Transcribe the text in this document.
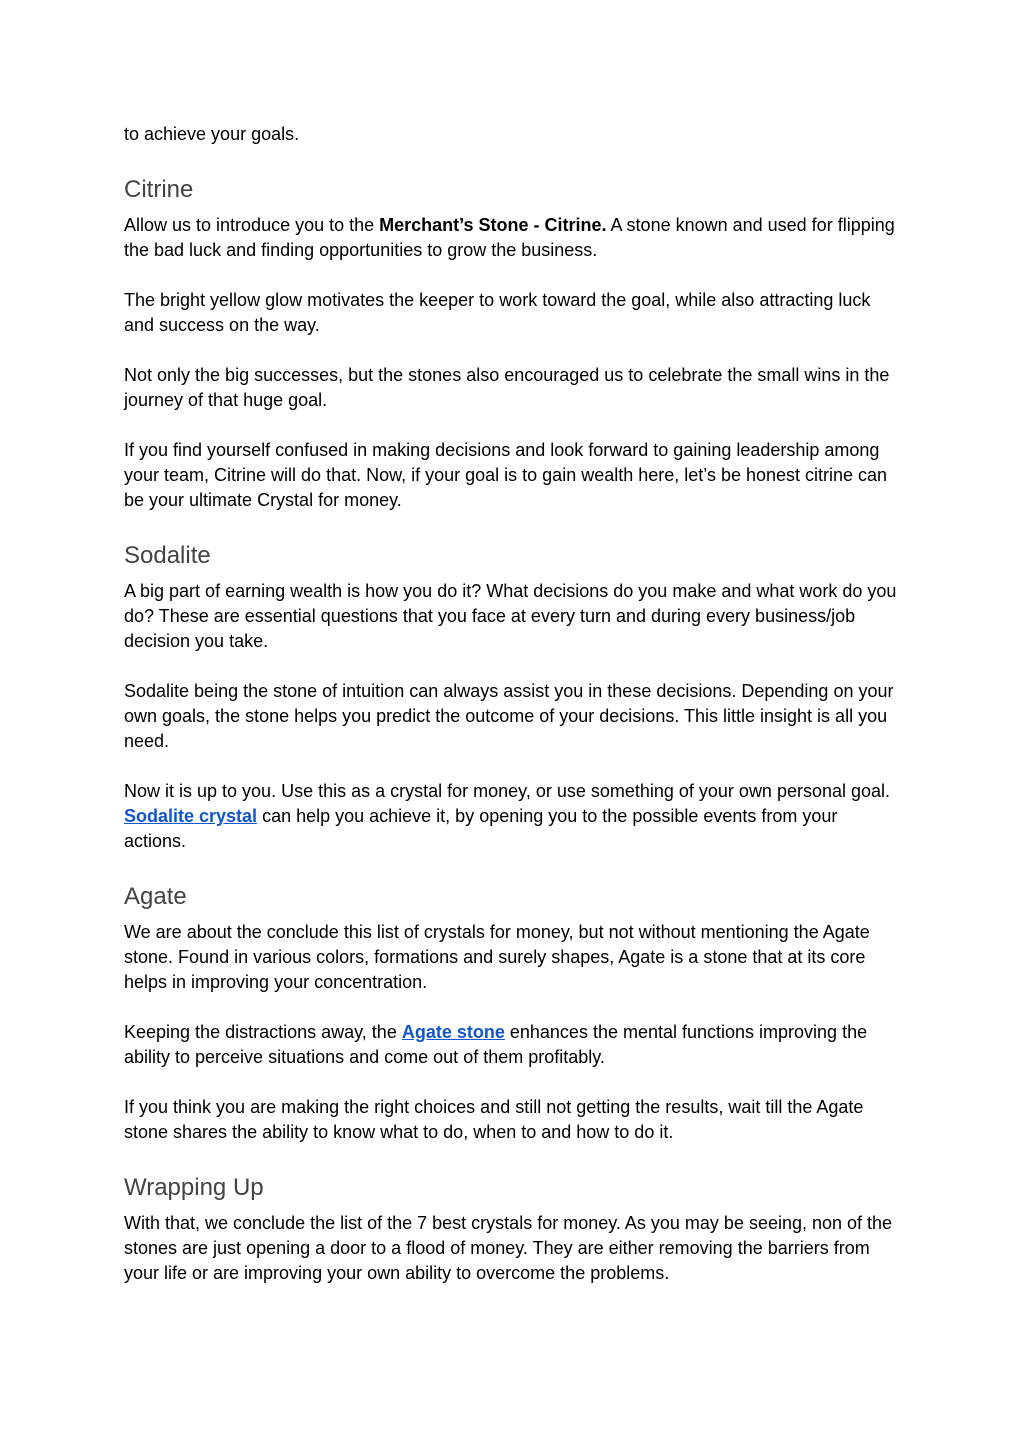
to achieve your goals.

Citrine

Allow us to introduce you to the Merchant’s Stone - Citrine. A stone known and used for flipping the bad luck and finding opportunities to grow the business.

The bright yellow glow motivates the keeper to work toward the goal, while also attracting luck and success on the way.

Not only the big successes, but the stones also encouraged us to celebrate the small wins in the journey of that huge goal.

If you find yourself confused in making decisions and look forward to gaining leadership among your team, Citrine will do that. Now, if your goal is to gain wealth here, let’s be honest citrine can be your ultimate Crystal for money.

Sodalite

A big part of earning wealth is how you do it? What decisions do you make and what work do you do? These are essential questions that you face at every turn and during every business/job decision you take.

Sodalite being the stone of intuition can always assist you in these decisions. Depending on your own goals, the stone helps you predict the outcome of your decisions. This little insight is all you need.

Now it is up to you. Use this as a crystal for money, or use something of your own personal goal. Sodalite crystal can help you achieve it, by opening you to the possible events from your actions.

Agate

We are about the conclude this list of crystals for money, but not without mentioning the Agate stone. Found in various colors, formations and surely shapes, Agate is a stone that at its core helps in improving your concentration.

Keeping the distractions away, the Agate stone enhances the mental functions improving the ability to perceive situations and come out of them profitably.

If you think you are making the right choices and still not getting the results, wait till the Agate stone shares the ability to know what to do, when to and how to do it.

Wrapping Up

With that, we conclude the list of the 7 best crystals for money. As you may be seeing, non of the stones are just opening a door to a flood of money. They are either removing the barriers from your life or are improving your own ability to overcome the problems.
